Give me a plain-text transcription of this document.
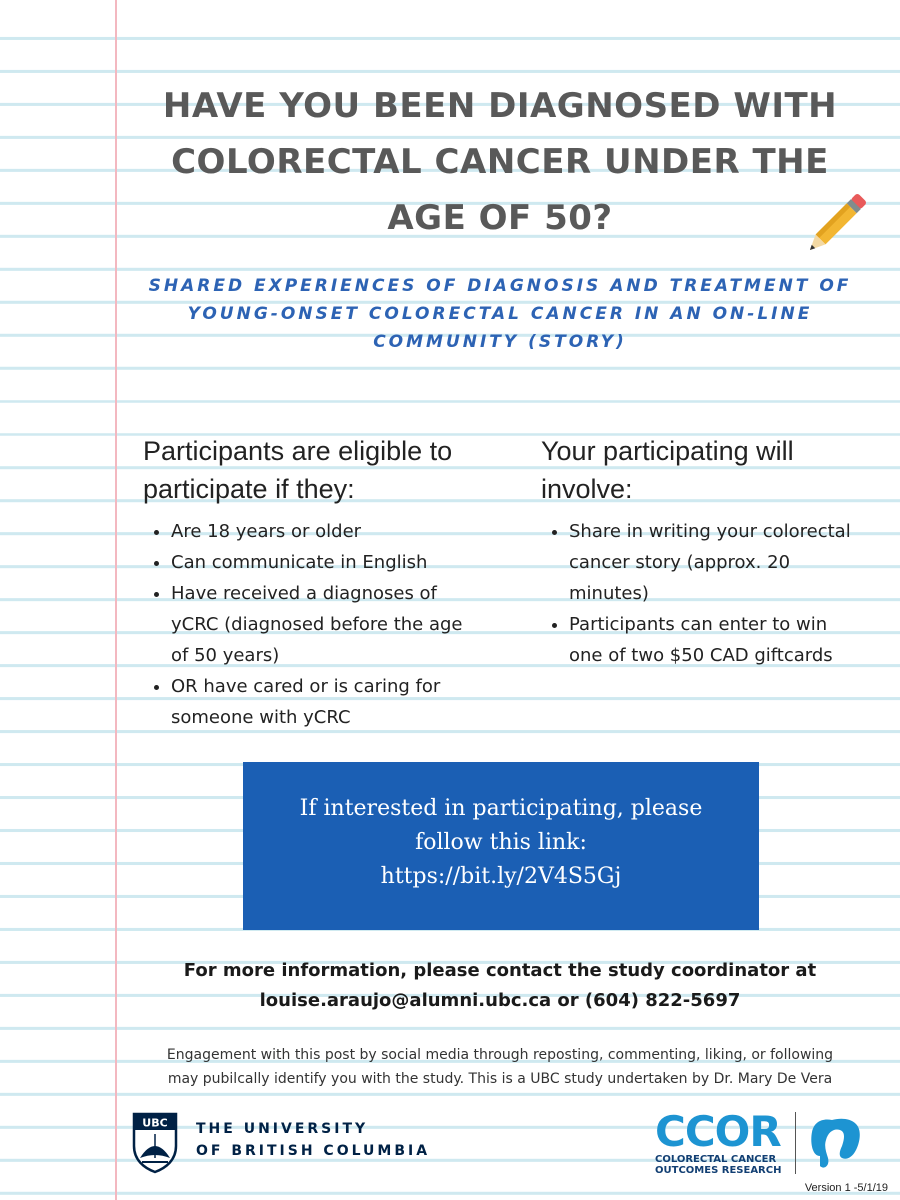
HAVE YOU BEEN DIAGNOSED WITH
COLORECTAL CANCER UNDER THE
AGE OF 50?
SHARED EXPERIENCES OF DIAGNOSIS AND TREATMENT OF
YOUNG-ONSET COLORECTAL CANCER IN AN ON-LINE
COMMUNITY (STORY)
Participants are eligible to participate if they:
• Are 18 years or older
• Can communicate in English
• Have received a diagnoses of yCRC (diagnosed before the age of 50 years)
• OR have cared or is caring for someone with yCRC
Your participating will involve:
• Share in writing your colorectal cancer story (approx. 20 minutes)
• Participants can enter to win one of two $50 CAD giftcards
If interested in participating, please
follow this link:
https://bit.ly/2V4S5Gj

For more information, please contact the study coordinator at
louise.araujo@alumni.ubc.ca or (604) 822-5697

Engagement with this post by social media through reposting, commenting, liking, or following
may pubilcally identify you with the study. This is a UBC study undertaken by Dr. Mary De Vera

UBC THE UNIVERSITY
OF BRITISH COLUMBIA	CCOR
COLORECTAL CANCER
OUTCOMES RESEARCH
Version 1 -5/1/19
